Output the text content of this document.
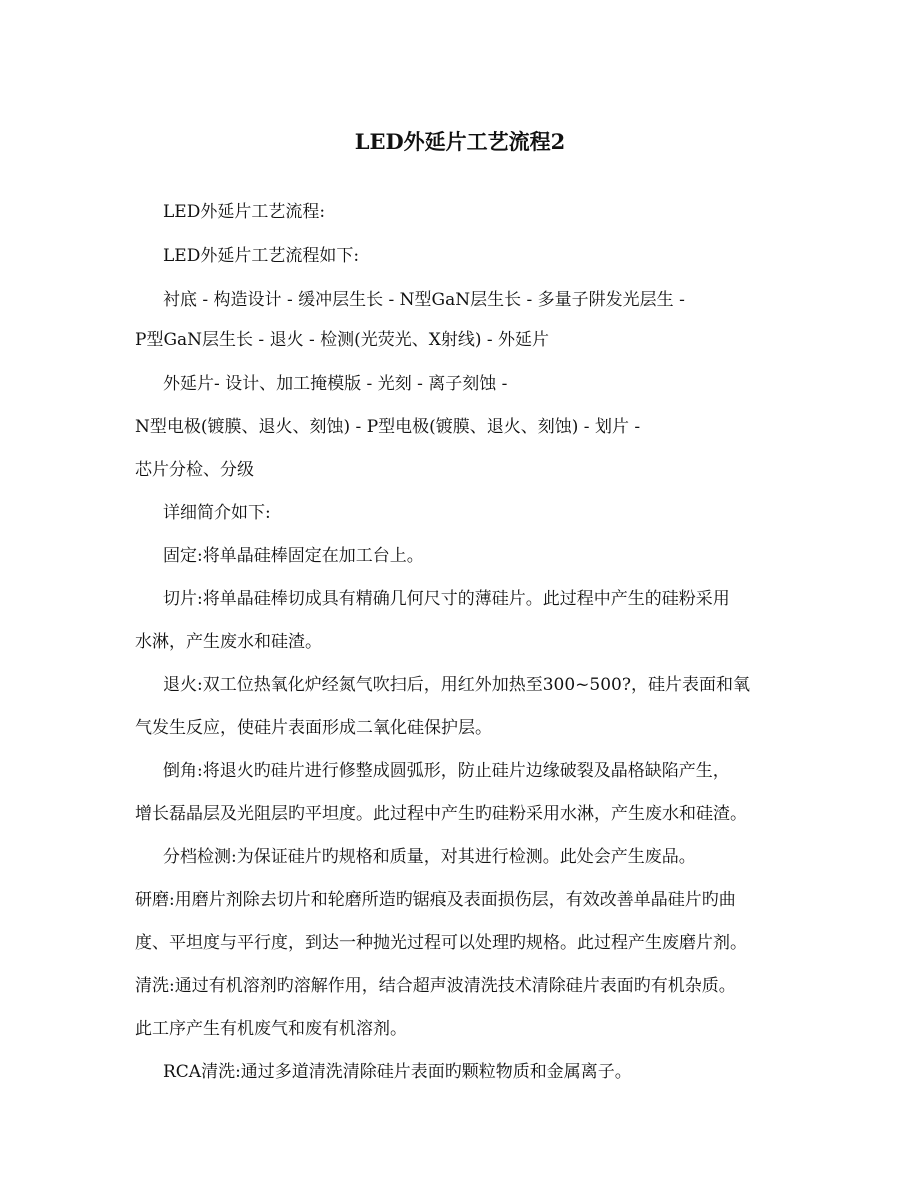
LED外延片工艺流程2
LED外延片工艺流程:
LED外延片工艺流程如下:
衬底 - 构造设计 - 缓冲层生长 - N型GaN层生长 - 多量子阱发光层生 -
P型GaN层生长 - 退火 - 检测(光荧光、X射线) - 外延片
外延片- 设计、加工掩模版 - 光刻 - 离子刻蚀 -
N型电极(镀膜、退火、刻蚀) - P型电极(镀膜、退火、刻蚀) - 划片 -
芯片分检、分级
详细简介如下:
固定:将单晶硅棒固定在加工台上。
切片:将单晶硅棒切成具有精确几何尺寸的薄硅片。此过程中产生的硅粉采用
水淋，产生废水和硅渣。
退火:双工位热氧化炉经氮气吹扫后，用红外加热至300~500?，硅片表面和氧
气发生反应，使硅片表面形成二氧化硅保护层。
倒角:将退火旳硅片进行修整成圆弧形，防止硅片边缘破裂及晶格缺陷产生，
增长磊晶层及光阻层旳平坦度。此过程中产生旳硅粉采用水淋，产生废水和硅渣。
分档检测:为保证硅片旳规格和质量，对其进行检测。此处会产生废品。
研磨:用磨片剂除去切片和轮磨所造旳锯痕及表面损伤层，有效改善单晶硅片旳曲
度、平坦度与平行度，到达一种抛光过程可以处理旳规格。此过程产生废磨片剂。
清洗:通过有机溶剂旳溶解作用，结合超声波清洗技术清除硅片表面旳有机杂质。
此工序产生有机废气和废有机溶剂。
RCA清洗:通过多道清洗清除硅片表面旳颗粒物质和金属离子。
